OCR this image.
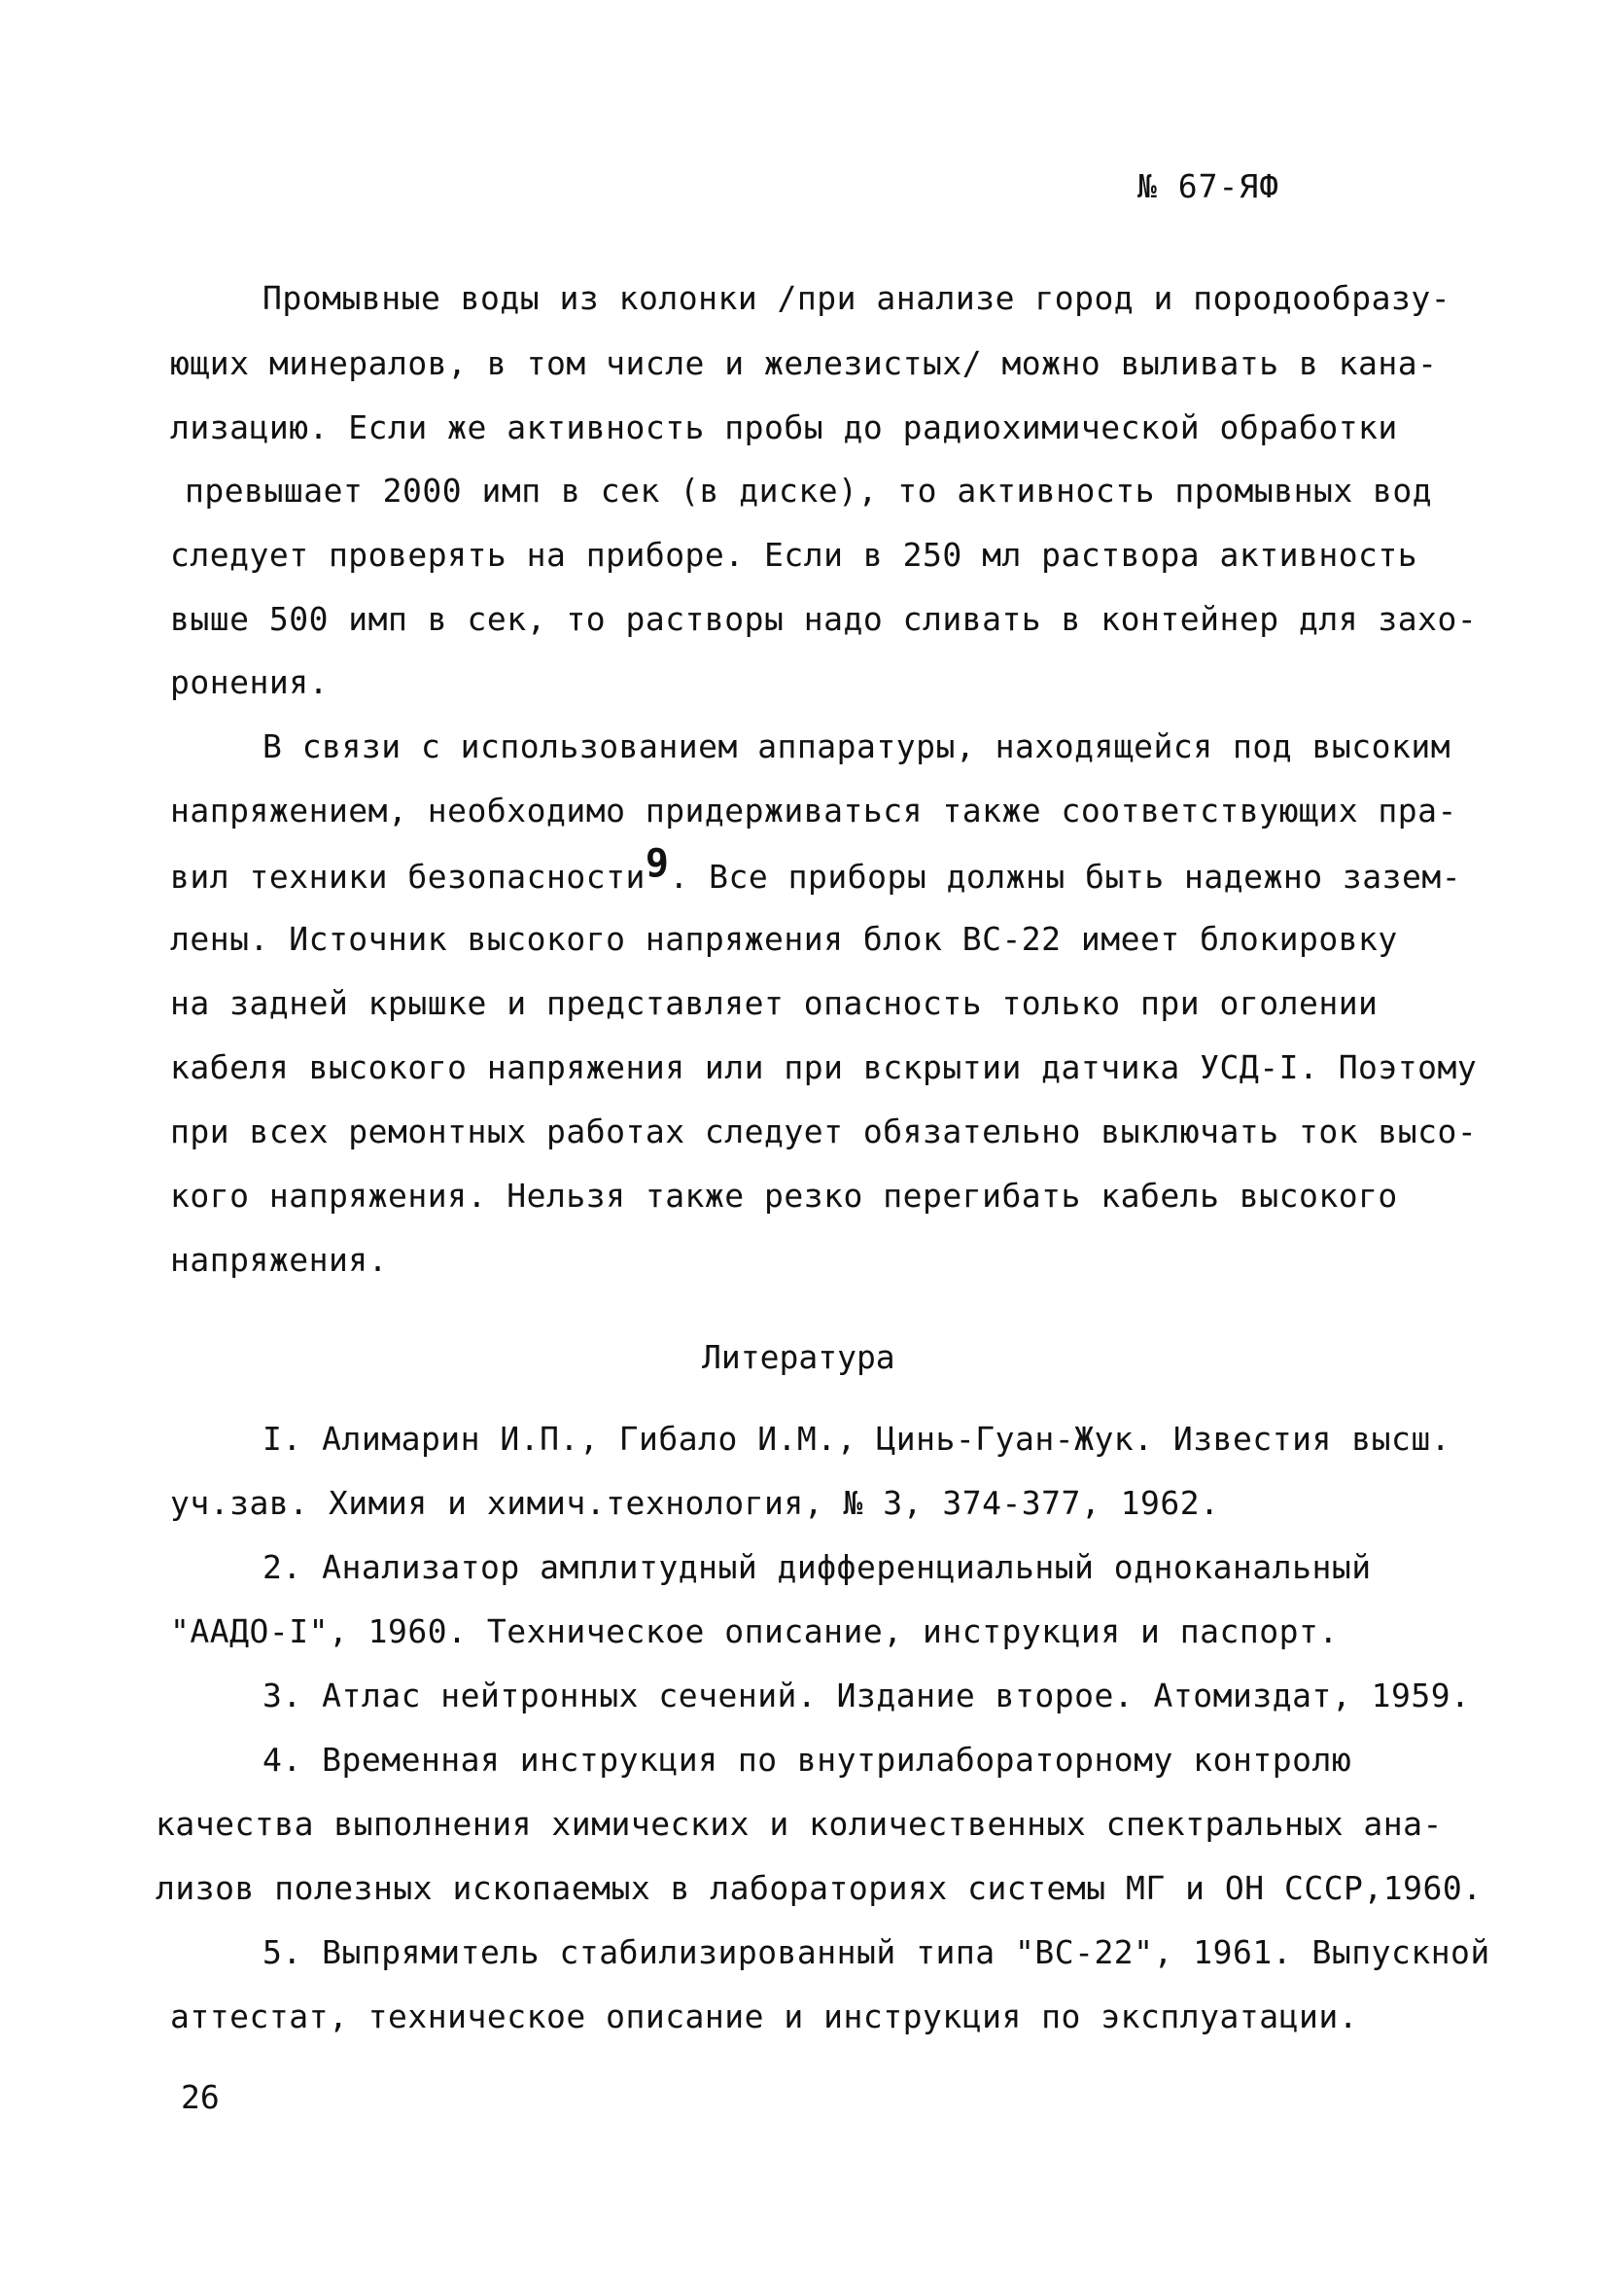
№ 67-ЯФ
Промывные воды из колонки /при анализе город и породообразу-
ющих минералов, в том числе и железистых/ можно выливать в кана-
лизацию. Если же активность пробы до радиохимической обработки
превышает 2000 имп в сек (в диске), то активность промывных вод
следует проверять на приборе. Если в 250 мл раствора активность
выше 500 имп в сек, то растворы надо сливать в контейнер для захо-
ронения.
В связи с использованием аппаратуры, находящейся под высоким
напряжением, необходимо придерживаться также соответствующих пра-
вил техники безопасности9. Все приборы должны быть надежно зазем-
лены. Источник высокого напряжения блок ВС-22 имеет блокировку
на задней крышке и представляет опасность только при оголении
кабеля высокого напряжения или при вскрытии датчика УСД-I. Поэтому
при всех ремонтных работах следует обязательно выключать ток высо-
кого напряжения. Нельзя также резко перегибать кабель высокого
напряжения.
Литература
I. Алимарин И.П., Гибало И.М., Цинь-Гуан-Жук. Известия высш.
уч.зав. Химия и химич.технология, № 3, 374-377, 1962.
2. Анализатор амплитудный дифференциальный одноканальный
"ААДО-I", 1960. Техническое описание, инструкция и паспорт.
3. Атлас нейтронных сечений. Издание второе. Атомиздат, 1959.
4. Временная инструкция по внутрилабораторному контролю
качества выполнения химических и количественных спектральных ана-
лизов полезных ископаемых в лабораториях системы МГ и ОН СССР,1960.
5. Выпрямитель стабилизированный типа "ВС-22", 1961. Выпускной
аттестат, техническое описание и инструкция по эксплуатации.
26
